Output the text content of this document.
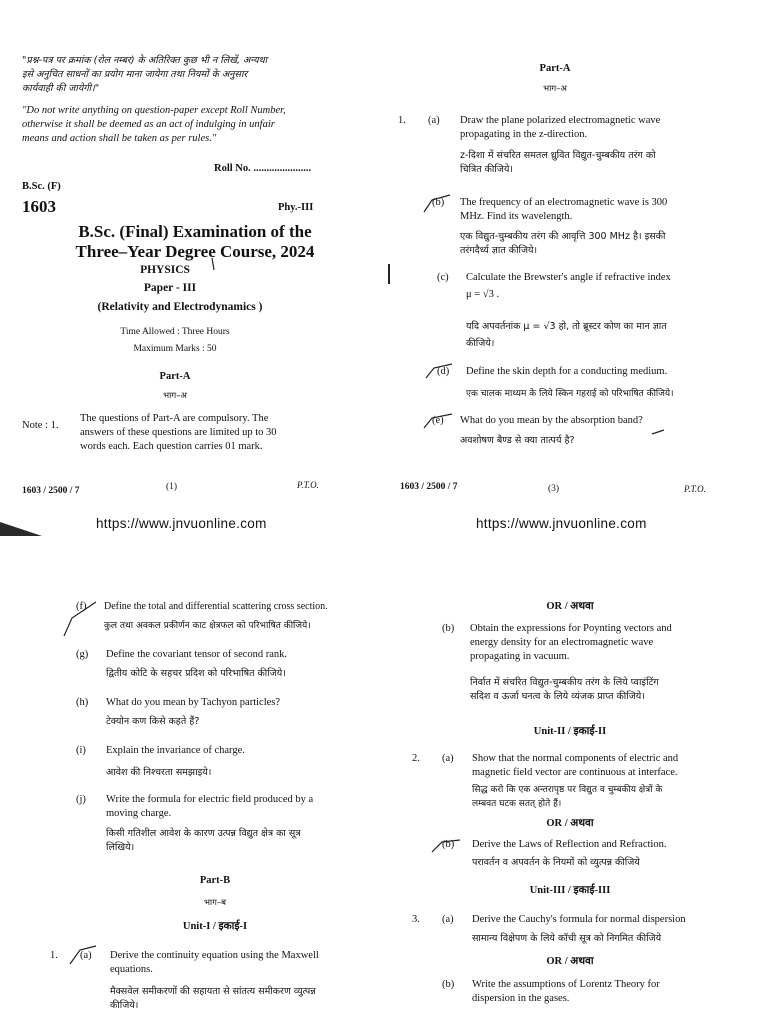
"प्रश्न-पत्र पर क्रमांक (रोल नम्बर) के अतिरिक्त कुछ भी न लिखें, अन्यथा
इसे अनुचित साधनों का प्रयोग माना जायेगा तथा नियमों के अनुसार
कार्यवाही की जायेगी।"
"Do not write anything on question-paper except Roll Number,
otherwise it shall be deemed as an act of indulging in unfair
means and action shall be taken as per rules."
Roll No. ......................
B.Sc. (F)
1603	Phy.-III
B.Sc. (Final) Examination of the
Three–Year Degree Course, 2024
PHYSICS
Paper - III
(Relativity and Electrodynamics )
Time Allowed : Three Hours
Maximum Marks : 50
Part-A
भाग–अ
Note : 1.
The questions of Part-A are compulsory. The
answers of these questions are limited up to 30
words each. Each question carries 01 mark.
1603 / 2500 / 7	(1)	P.T.O.
Part-A
भाग–अ
1. (a) Draw the plane polarized electromagnetic wave
propagating in the z-direction.
z-दिशा में संचरित समतल ध्रुवित विद्युत-चुम्बकीय तरंग को
चित्रित कीजिये।
(b) The frequency of an electromagnetic wave is 300
MHz. Find its wavelength.
एक विद्युत-चुम्बकीय तरंग की आवृत्ति 300 MHz है। इसकी
तरंगदैर्ध्य ज्ञात कीजिये।
(c) Calculate the Brewster's angle if refractive index
μ = √3 .
यदि अपवर्तनांक μ = √3 हो, तो ब्रूस्टर कोण का मान ज्ञात
कीजिये।
(d) Define the skin depth for a conducting medium.
एक चालक माध्यम के लिये स्किन गहराई को परिभाषित कीजिये।
(e) What do you mean by the absorption band?
अवशोषण बैण्ड से क्या तात्पर्य है?
1603 / 2500 / 7	(3)	P.T.O.
https://www.jnvuonline.com	https://www.jnvuonline.com
(f) Define the total and differential scattering cross section.
कुल तथा अवकल प्रकीर्णन काट क्षेत्रफल को परिभाषित कीजिये।
(g) Define the covariant tensor of second rank.
द्वितीय कोटि के सहचर प्रदिश को परिभाषित कीजिये।
(h) What do you mean by Tachyon particles?
टेक्योन कण किसे कहते हैं?
(i) Explain the invariance of charge.
आवेश की निश्चरता समझाइये।
(j) Write the formula for electric field produced by a
moving charge.
किसी गतिशील आवेश के कारण उत्पन्न विद्युत क्षेत्र का सूत्र
लिखिये।
Part-B
भाग–ब
Unit-I / इकाई-I
1. (a) Derive the continuity equation using the Maxwell
equations.
मैक्सवेल समीकरणों की सहायता से सांतत्य समीकरण व्युत्पन्न
कीजिये।
OR / अथवा
(b) Obtain the expressions for Poynting vectors and
energy density for an electromagnetic wave
propagating in vacuum.
निर्वात में संचरित विद्युत-चुम्बकीय तरंग के लिये प्वाइंटिंग
सदिश व ऊर्जा घनत्व के लिये व्यंजक प्राप्त कीजिये।
Unit-II / इकाई-II
2. (a) Show that the normal components of electric and
magnetic field vector are continuous at interface.
सिद्ध करो कि एक अन्तरापृष्ठ पर विद्युत व चुम्बकीय क्षेत्रों के
लम्बवत घटक सतत् होते हैं।
OR / अथवा
(b) Derive the Laws of Reflection and Refraction.
परावर्तन व अपवर्तन के नियमों को व्युत्पन्न कीजिये
Unit-III / इकाई-III
3. (a) Derive the Cauchy's formula for normal dispersion
सामान्य विक्षेपण के लिये कॉची सूत्र को निगमित कीजिये
OR / अथवा
(b) Write the assumptions of Lorentz Theory for
dispersion in the gases.
